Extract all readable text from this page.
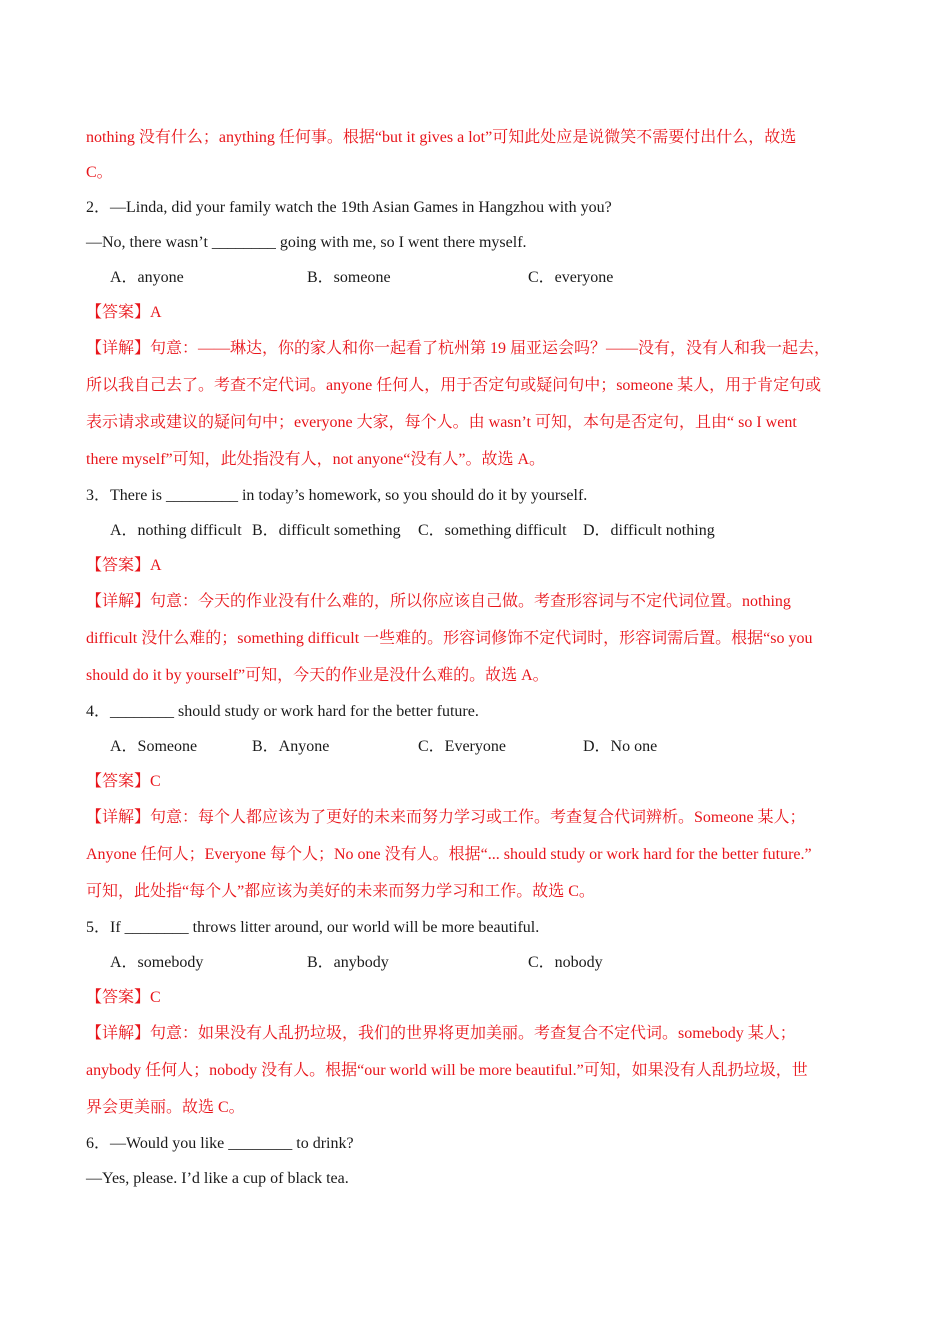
nothing 没有什么；anything 任何事。根据“but it gives a lot”可知此处应是说微笑不需要付出什么，故选
C。
2．—Linda, did your family watch the 19th Asian Games in Hangzhou with you?
—No, there wasn’t ________ going with me, so I went there myself.
A．anyone	B．someone	C．everyone
【答案】A
【详解】句意：——琳达，你的家人和你一起看了杭州第 19 届亚运会吗？——没有，没有人和我一起去，
所以我自己去了。考查不定代词。anyone 任何人，用于否定句或疑问句中；someone 某人，用于肯定句或
表示请求或建议的疑问句中；everyone 大家，每个人。由 wasn’t 可知，本句是否定句，且由“ so I went
there myself”可知，此处指没有人，not anyone“没有人”。故选 A。
3．There is _________ in today’s homework, so you should do it by yourself.
A．nothing difficult B．difficult something C．something difficult D．difficult nothing
【答案】A
【详解】句意：今天的作业没有什么难的，所以你应该自己做。考查形容词与不定代词位置。nothing
difficult 没什么难的；something difficult 一些难的。形容词修饰不定代词时，形容词需后置。根据“so you
should do it by yourself”可知，今天的作业是没什么难的。故选 A。
4．________ should study or work hard for the better future.
A．Someone	B．Anyone	C．Everyone	D．No one
【答案】C
【详解】句意：每个人都应该为了更好的未来而努力学习或工作。考查复合代词辨析。Someone 某人；
Anyone 任何人；Everyone 每个人；No one 没有人。根据“... should study or work hard for the better future.”
可知，此处指“每个人”都应该为美好的未来而努力学习和工作。故选 C。
5．If ________ throws litter around, our world will be more beautiful.
A．somebody	B．anybody	C．nobody
【答案】C
【详解】句意：如果没有人乱扔垃圾，我们的世界将更加美丽。考查复合不定代词。somebody 某人；
anybody 任何人；nobody 没有人。根据“our world will be more beautiful.”可知，如果没有人乱扔垃圾，世
界会更美丽。故选 C。
6．—Would you like ________ to drink?
—Yes, please. I’d like a cup of black tea.
